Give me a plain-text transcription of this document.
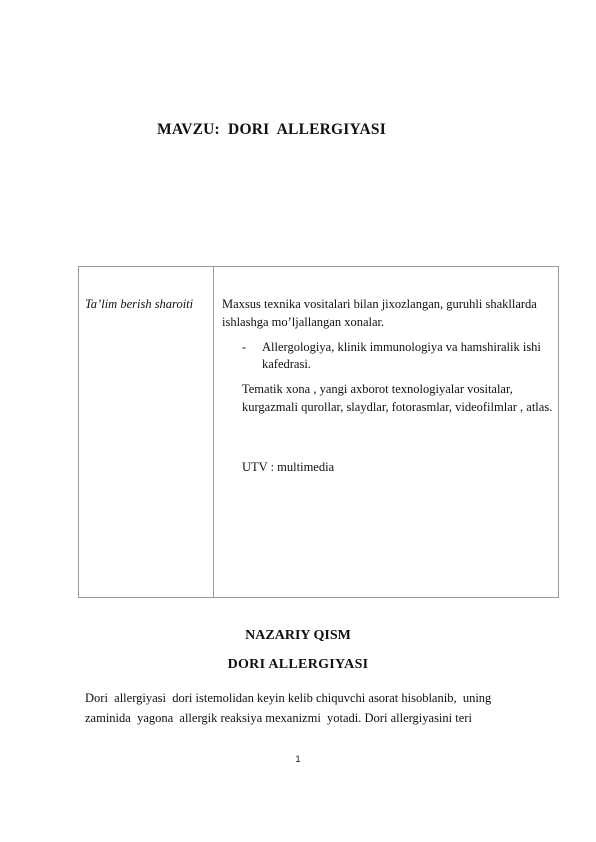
MAVZU:  DORI  ALLERGIYASI
Ta’lim berish sharoiti	Maxsus texnika vositalari bilan jixozlangan, guruhli shakllarda ishlashga mo’ljallangan xonalar.

- Allergologiya, klinik immunologiya va hamshiralik ishi kafedrasi.

Tematik xona , yangi axborot texnologiyalar vositalar, kurgazmali qurollar, slaydlar, fotorasmlar, videofilmlar , atlas.

UTV : multimedia

NAZARIY QISM
DORI ALLERGIYASI
Dori  allergiyasi  dori istemolidan keyin kelib chiquvchi asorat hisoblanib,  uning
zaminida  yagona  allergik reaksiya mexanizmi  yotadi. Dori allergiyasini teri
1
